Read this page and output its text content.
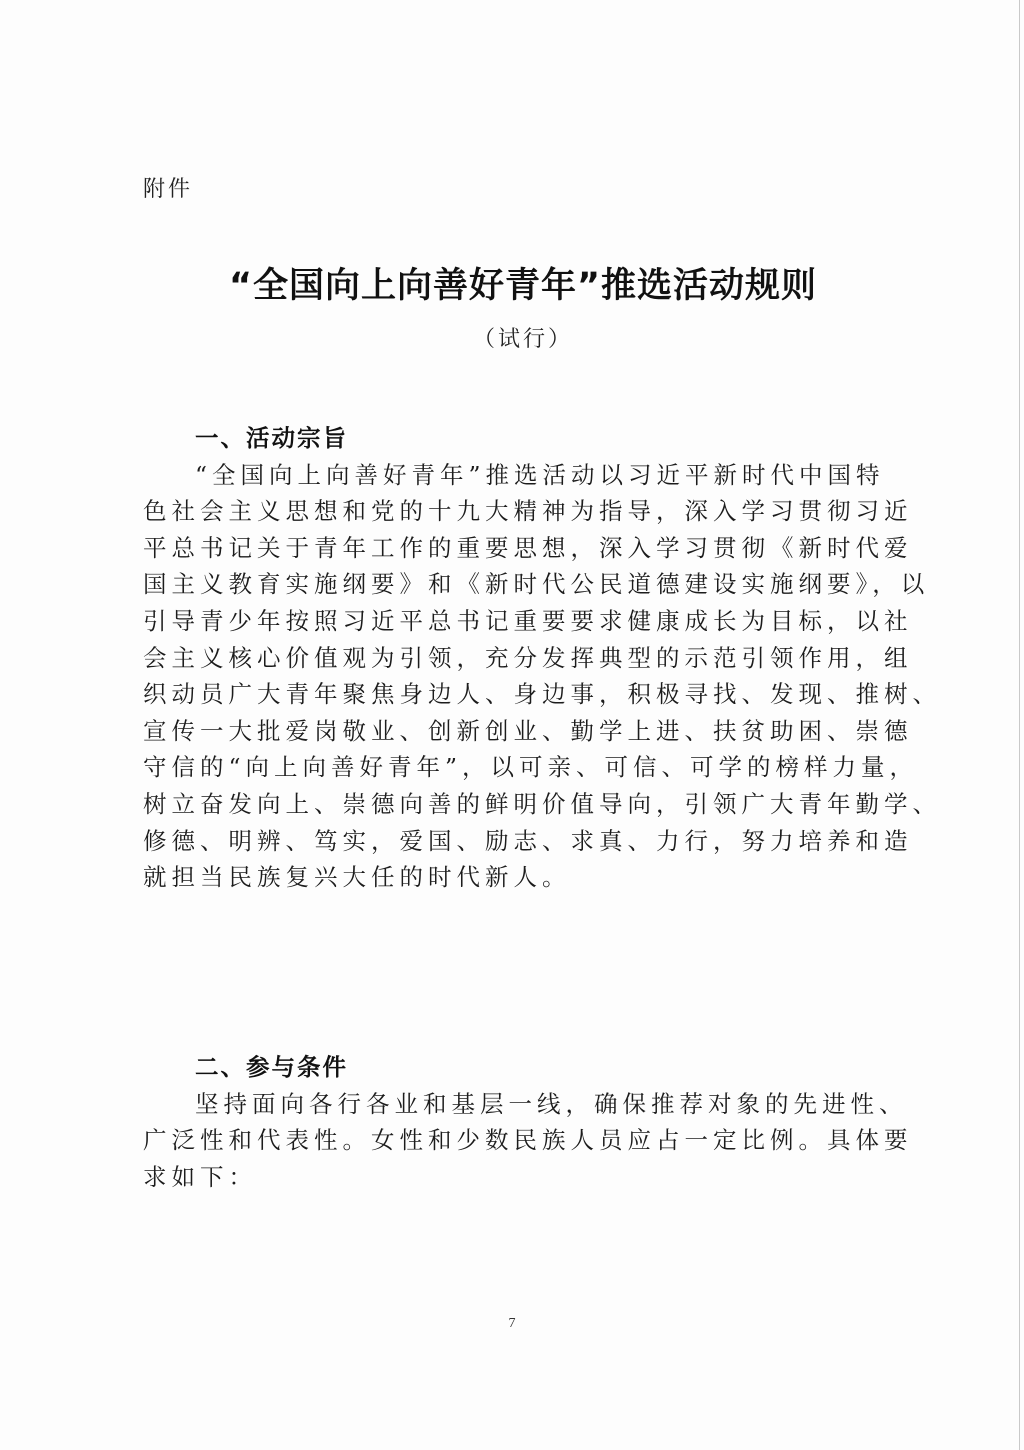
附件
“全国向上向善好青年”推选活动规则
（试行）
一、活动宗旨
“全国向上向善好青年”推选活动以习近平新时代中国特
色社会主义思想和党的十九大精神为指导，深入学习贯彻习近
平总书记关于青年工作的重要思想，深入学习贯彻《新时代爱
国主义教育实施纲要》和《新时代公民道德建设实施纲要》，以
引导青少年按照习近平总书记重要要求健康成长为目标，以社
会主义核心价值观为引领，充分发挥典型的示范引领作用，组
织动员广大青年聚焦身边人、身边事，积极寻找、发现、推树、
宣传一大批爱岗敬业、创新创业、勤学上进、扶贫助困、崇德
守信的“向上向善好青年”，以可亲、可信、可学的榜样力量，
树立奋发向上、崇德向善的鲜明价值导向，引领广大青年勤学、
修德、明辨、笃实，爱国、励志、求真、力行，努力培养和造
就担当民族复兴大任的时代新人。
二、参与条件
坚持面向各行各业和基层一线，确保推荐对象的先进性、
广泛性和代表性。女性和少数民族人员应占一定比例。具体要
求如下：
7
